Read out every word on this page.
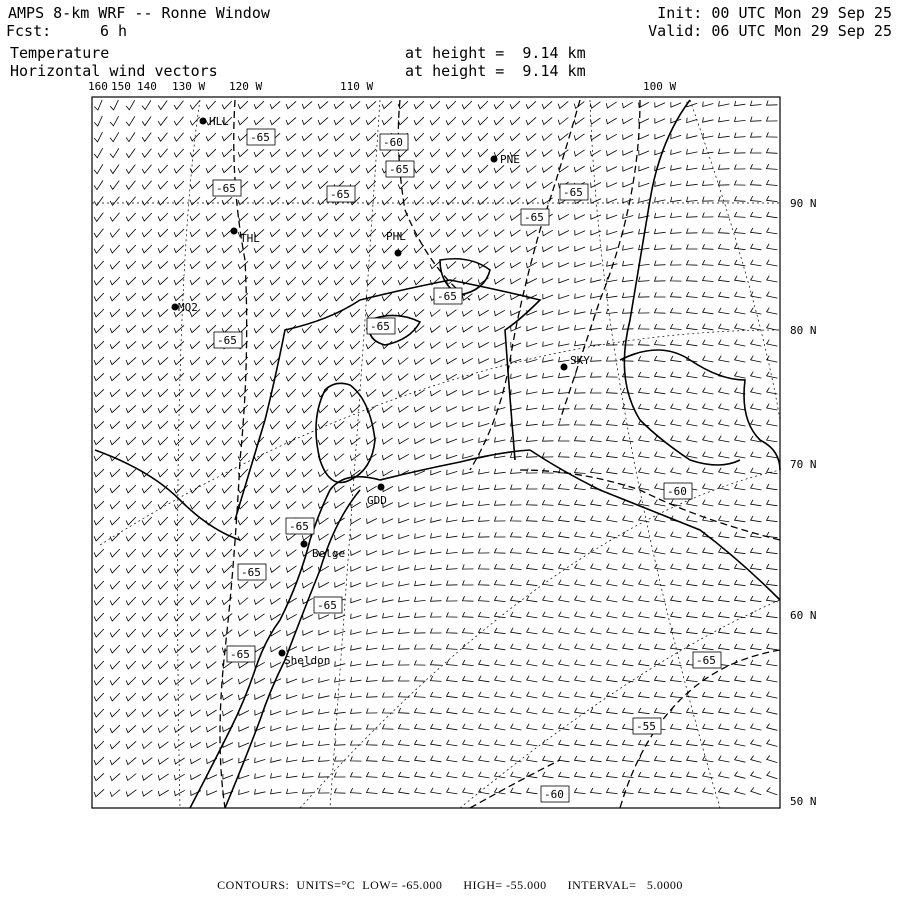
AMPS 8-km WRF -- Ronne Window
Fcst:	6 h
Init: 00 UTC Mon 29 Sep 25
Valid: 06 UTC Mon 29 Sep 25
Temperature
Horizontal wind vectors
at height =  9.14 km
at height =  9.14 km
HLL
PNE
THL	PHL
MQ2
SKY
GDD
Belge
Sheldon
-65	-60
-65
-65	-65	-65
-65
-65
-65
-65
-60
-65
-65
-65
-65	-65
-55
-60
160 150 140 130 W 120 W	110 W	100 W
90 N
80 N
70 N
60 N
50 N
CONTOURS:  UNITS=°C  LOW= -65.000      HIGH= -55.000      INTERVAL=   5.0000
